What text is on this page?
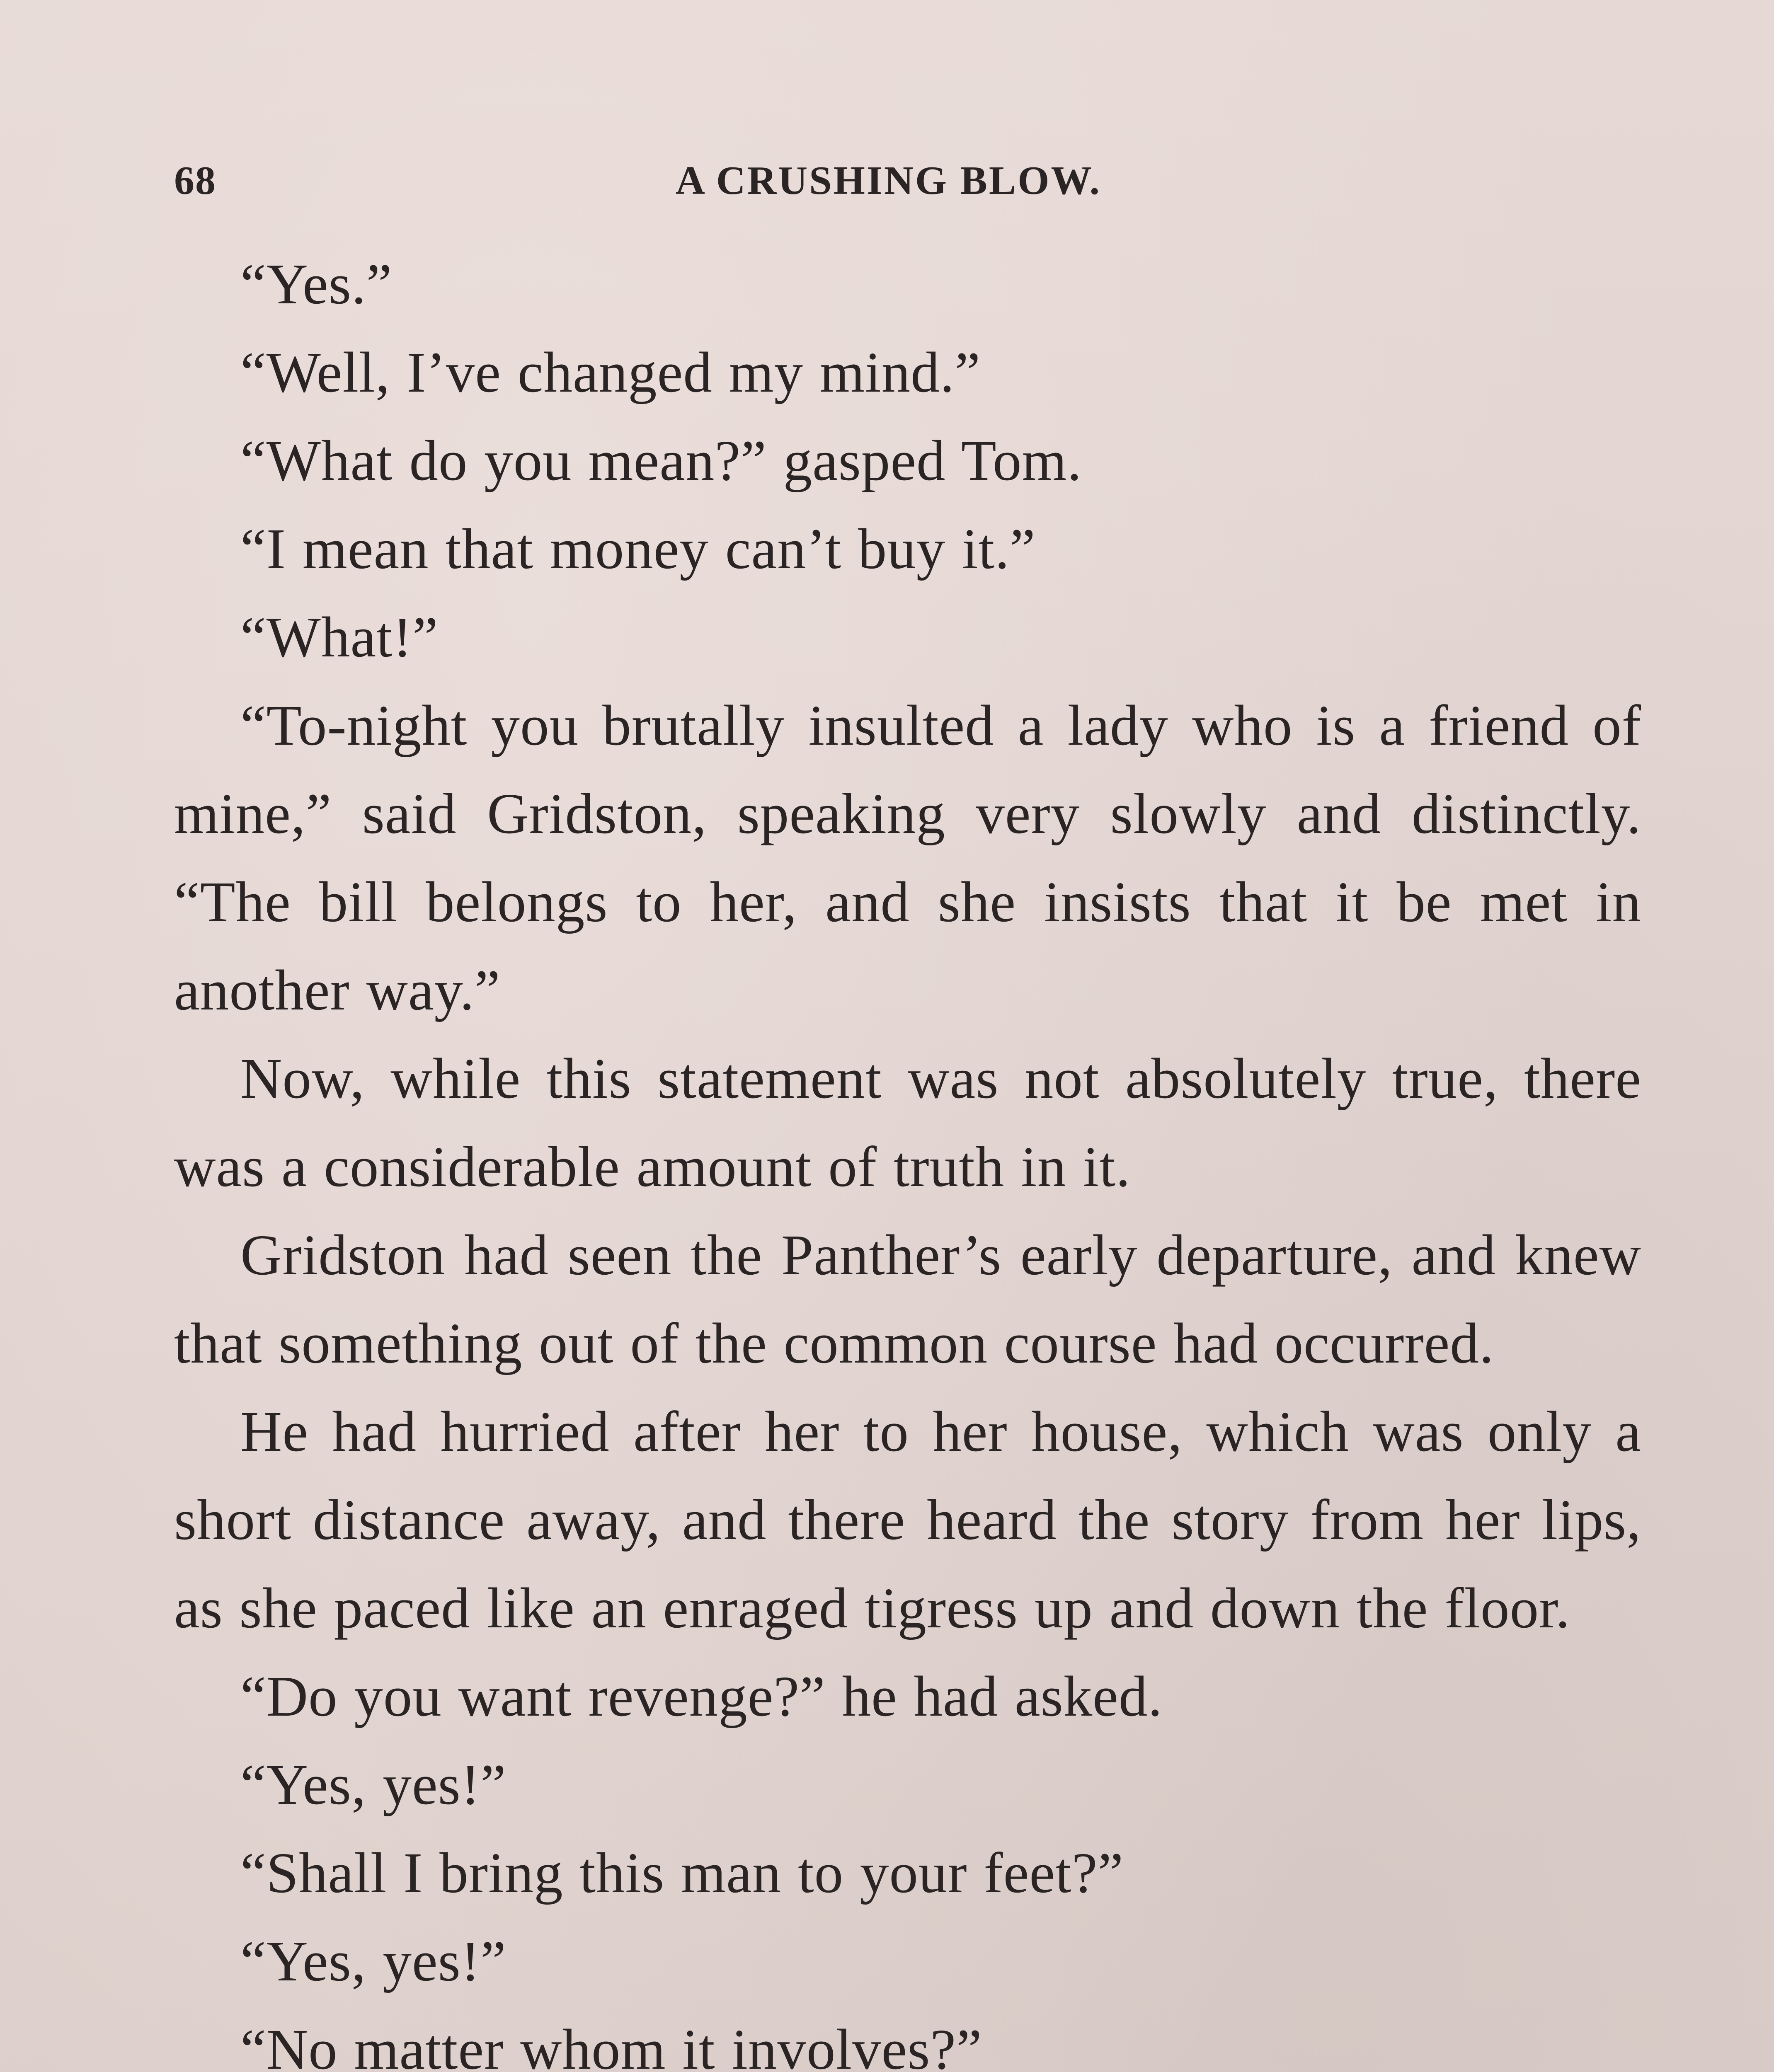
68	A CRUSHING BLOW.

“Yes.”

“Well, I’ve changed my mind.”

“What do you mean?” gasped Tom.

“I mean that money can’t buy it.”

“What!”

“To-night you brutally insulted a lady who is a friend of mine,” said Gridston, speaking very slowly and distinctly. “The bill belongs to her, and she insists that it be met in another way.”

Now, while this statement was not absolutely true, there was a considerable amount of truth in it.

Gridston had seen the Panther’s early departure, and knew that something out of the common course had occurred.

He had hurried after her to her house, which was only a short distance away, and there heard the story from her lips, as she paced like an enraged tigress up and down the floor.

“Do you want revenge?” he had asked.

“Yes, yes!”

“Shall I bring this man to your feet?”

“Yes, yes!”

“No matter whom it involves?”
